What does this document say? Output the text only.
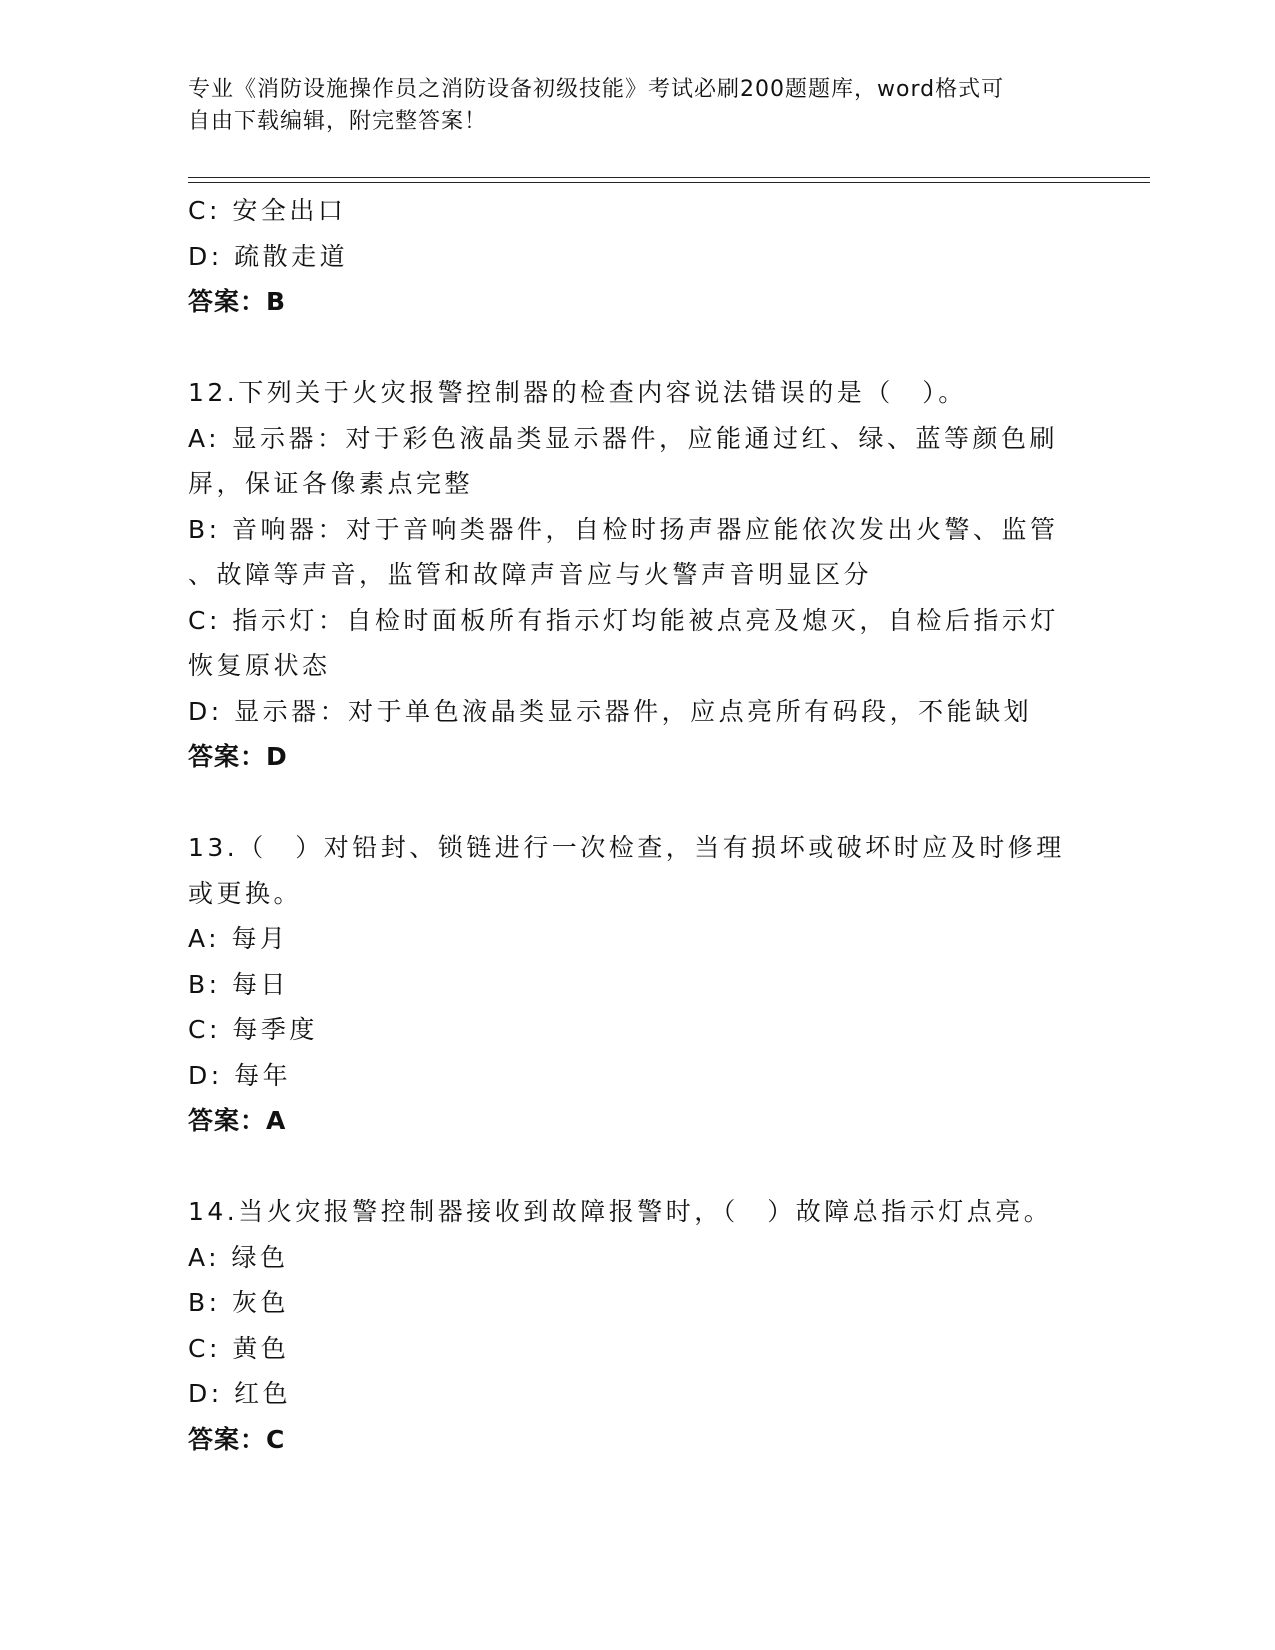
专业《消防设施操作员之消防设备初级技能》考试必刷200题题库，word格式可
自由下载编辑，附完整答案！
C: 安全出口
D: 疏散走道
答案：B
12.下列关于火灾报警控制器的检查内容说法错误的是（　）。
A: 显示器：对于彩色液晶类显示器件，应能通过红、绿、蓝等颜色刷
屏，保证各像素点完整
B: 音响器：对于音响类器件，自检时扬声器应能依次发出火警、监管
、故障等声音，监管和故障声音应与火警声音明显区分
C: 指示灯：自检时面板所有指示灯均能被点亮及熄灭，自检后指示灯
恢复原状态
D: 显示器：对于单色液晶类显示器件，应点亮所有码段，不能缺划
答案：D
13.（　）对铅封、锁链进行一次检查，当有损坏或破坏时应及时修理
或更换。
A: 每月
B: 每日
C: 每季度
D: 每年
答案：A
14.当火灾报警控制器接收到故障报警时，（　）故障总指示灯点亮。
A: 绿色
B: 灰色
C: 黄色
D: 红色
答案：C
